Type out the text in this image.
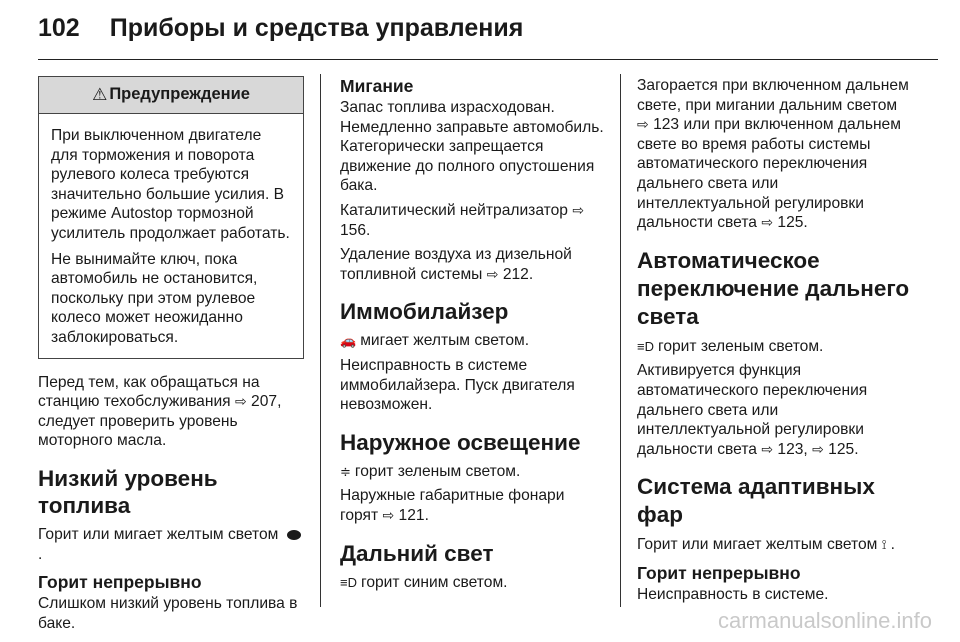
102 Приборы и средства управления
⚠ Предупреждение

При выключенном двигателе для торможения и поворота рулевого колеса требуются значительно большие усилия. В режиме Autostop тормозной усилитель продолжает работать.

Не вынимайте ключ, пока автомобиль не остановится, поскольку при этом рулевое колесо может неожиданно заблокироваться.

Перед тем, как обращаться на станцию техобслуживания ⇨ 207, следует проверить уровень моторного масла.

Низкий уровень топлива

Горит или мигает желтым светом .

Горит непрерывно

Слишком низкий уровень топлива в баке.

Мигание

Запас топлива израсходован. Немедленно заправьте автомобиль. Категорически запрещается движение до полного опустошения бака.

Каталитический нейтрализатор ⇨ 156.

Удаление воздуха из дизельной топливной системы ⇨ 212.

Иммобилайзер

🚗 мигает желтым светом.

Неисправность в системе иммобилайзера. Пуск двигателя невозможен.

Наружное освещение

≑ горит зеленым светом.

Наружные габаритные фонари горят ⇨ 121.

Дальний свет

≡D горит синим светом.

Загорается при включенном дальнем свете, при мигании дальним светом ⇨ 123 или при включенном дальнем свете во время работы системы автоматического переключения дальнего света или интеллектуальной регулировки дальности света ⇨ 125.

Автоматическое переключение дальнего света

≡D горит зеленым светом.

Активируется функция автоматического переключения дальнего света или интеллектуальной регулировки дальности света ⇨ 123, ⇨ 125.

Система адаптивных фар

Горит или мигает желтым светом ⟟ .

Горит непрерывно

Неисправность в системе.

carmanualsonline.info
